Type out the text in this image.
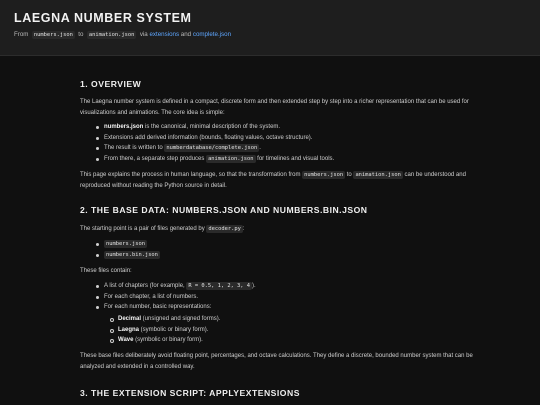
LAEGNA NUMBER SYSTEM
From numbers.json to animation.json via extensions and complete.json
1. OVERVIEW

The Laegna number system is defined in a compact, discrete form and then extended step by step into a richer representation that can be used for visualizations and animations. The core idea is simple:

numbers.json is the canonical, minimal description of the system.
Extensions add derived information (bounds, floating values, octave structure).
The result is written to numberdatabase/complete.json .
From there, a separate step produces animation.json for timelines and visual tools.

This page explains the process in human language, so that the transformation from numbers.json to animation.json can be understood and reproduced without reading the Python source in detail.

2. THE BASE DATA: NUMBERS.JSON AND NUMBERS.BIN.JSON

The starting point is a pair of files generated by decoder.py :

numbers.json
numbers.bin.json

These files contain:

A list of chapters (for example, R = 0.5, 1, 2, 3, 4 ).
For each chapter, a list of numbers.
For each number, basic representations:
Decimal (unsigned and signed forms).
Laegna (symbolic or binary form).
Wave (symbolic or binary form).

These base files deliberately avoid floating point, percentages, and octave calculations. They define a discrete, bounded number system that can be analyzed and extended in a controlled way.

3. THE EXTENSION SCRIPT: APPLYEXTENSIONS
